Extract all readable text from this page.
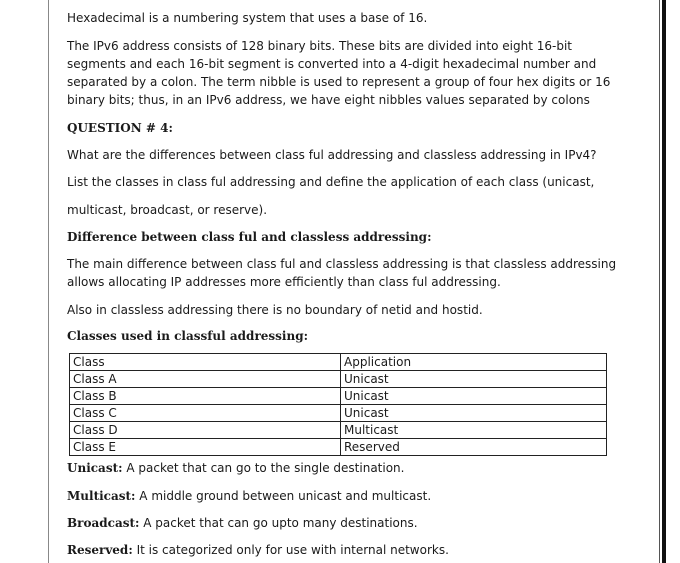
Hexadecimal is a numbering system that uses a base of 16.

The IPv6 address consists of 128 binary bits. These bits are divided into eight 16-bit segments and each 16-bit segment is converted into a 4-digit hexadecimal number and separated by a colon. The term nibble is used to represent a group of four hex digits or 16 binary bits; thus, in an IPv6 address, we have eight nibbles values separated by colons

QUESTION # 4:

What are the differences between class ful addressing and classless addressing in IPv4?

List the classes in class ful addressing and define the application of each class (unicast,

multicast, broadcast, or reserve).

Difference between class ful and classless addressing:

The main difference between class ful and classless addressing is that classless addressing allows allocating IP addresses more efficiently than class ful addressing.

Also in classless addressing there is no boundary of netid and hostid.

Classes used in classful addressing:

Class	Application
Class A	Unicast
Class B	Unicast
Class C	Unicast
Class D	Multicast
Class E	Reserved

Unicast: A packet that can go to the single destination.

Multicast: A middle ground between unicast and multicast.

Broadcast: A packet that can go upto many destinations.

Reserved: It is categorized only for use with internal networks.
